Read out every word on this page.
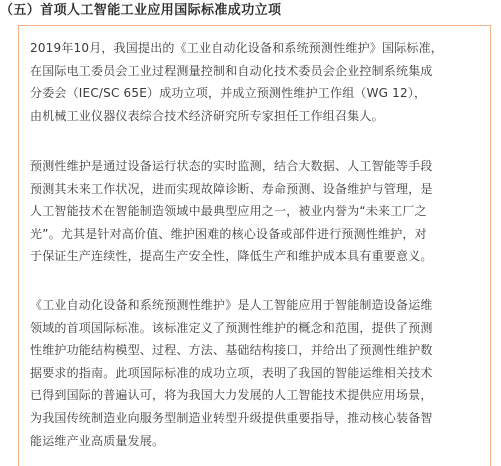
（五）首项人工智能工业应用国际标准成功立项
2019年10月，我国提出的《工业自动化设备和系统预测性维护》国际标准，
在国际电工委员会工业过程测量控制和自动化技术委员会企业控制系统集成
分委会（IEC/SC 65E）成功立项，并成立预测性维护工作组（WG 12），
由机械工业仪器仪表综合技术经济研究所专家担任工作组召集人。
预测性维护是通过设备运行状态的实时监测，结合大数据、人工智能等手段
预测其未来工作状况，进而实现故障诊断、寿命预测、设备维护与管理，是
人工智能技术在智能制造领域中最典型应用之一，被业内誉为“未来工厂之
光”。尤其是针对高价值、维护困难的核心设备或部件进行预测性维护，对
于保证生产连续性，提高生产安全性，降低生产和维护成本具有重要意义。
《工业自动化设备和系统预测性维护》是人工智能应用于智能制造设备运维
领域的首项国际标准。该标准定义了预测性维护的概念和范围，提供了预测
性维护功能结构模型、过程、方法、基础结构接口，并给出了预测性维护数
据要求的指南。此项国际标准的成功立项，表明了我国的智能运维相关技术
已得到国际的普遍认可，将为我国大力发展的人工智能技术提供应用场景，
为我国传统制造业向服务型制造业转型升级提供重要指导，推动核心装备智
能运维产业高质量发展。
